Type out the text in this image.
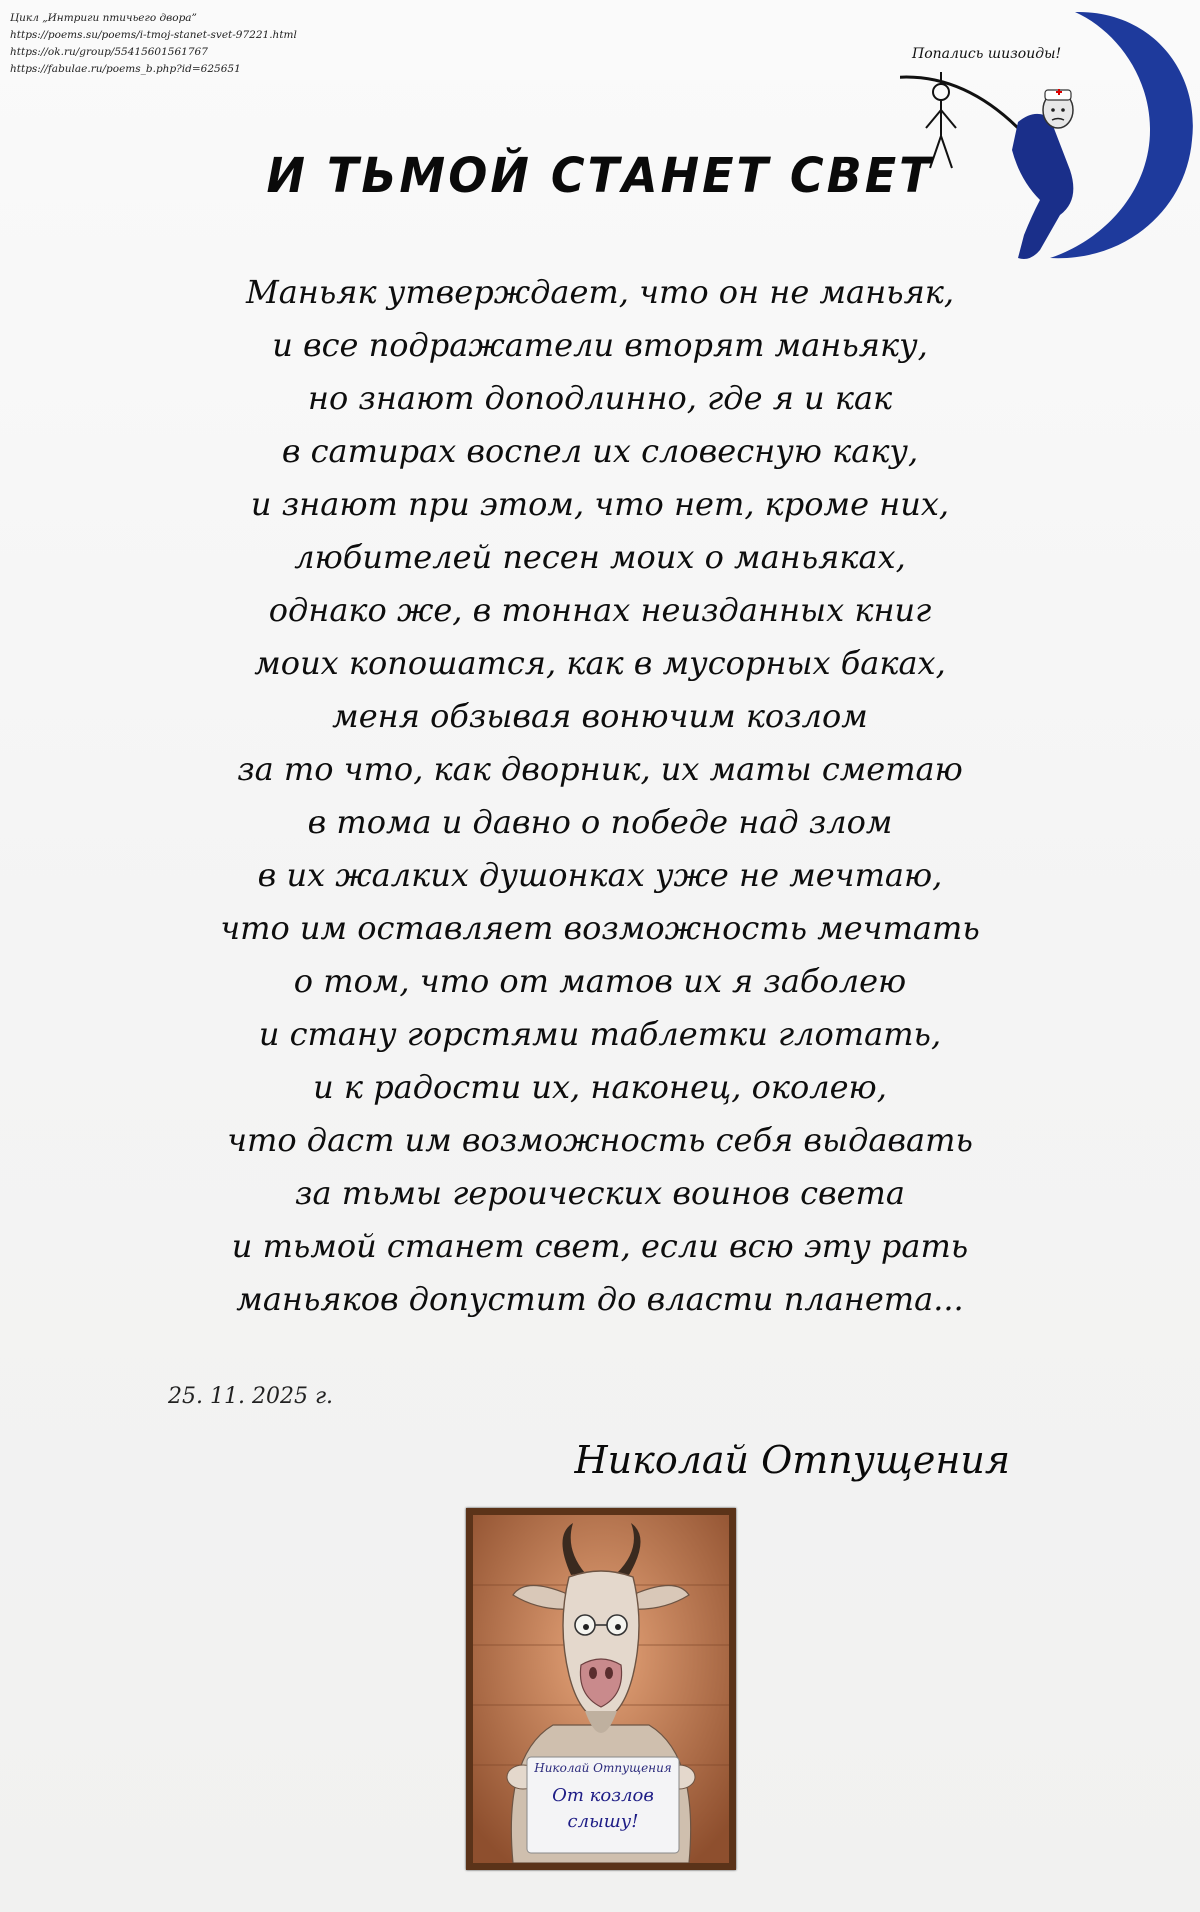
Цикл „Интриги птичьего двора”
https://poems.su/poems/i-tmoj-stanet-svet-97221.html
https://ok.ru/group/55415601561767
https://fabulae.ru/poems_b.php?id=625651
Попались шизоиды!
И ТЬМОЙ СТАНЕТ СВЕТ
Маньяк утверждает, что он не маньяк,
и все подражатели вторят маньяку,
но знают доподлинно, где я и как
в сатирах воспел их словесную каку,
и знают при этом, что нет, кроме них,
любителей песен моих о маньяках,
однако же, в тоннах неизданных книг
моих копошатся, как в мусорных баках,
меня обзывая вонючим козлом
за то что, как дворник, их маты сметаю
в тома и давно о победе над злом
в их жалких душонках уже не мечтаю,
что им оставляет возможность мечтать
о том, что от матов их я заболею
и стану горстями таблетки глотать,
и к радости их, наконец, околею,
что даст им возможность себя выдавать
за тьмы героических воинов света
и тьмой станет свет, если всю эту рать
маньяков допустит до власти планета...
25. 11. 2025 г.
Николай Отпущения
Николай Отпущения
От козлов
слышу!
